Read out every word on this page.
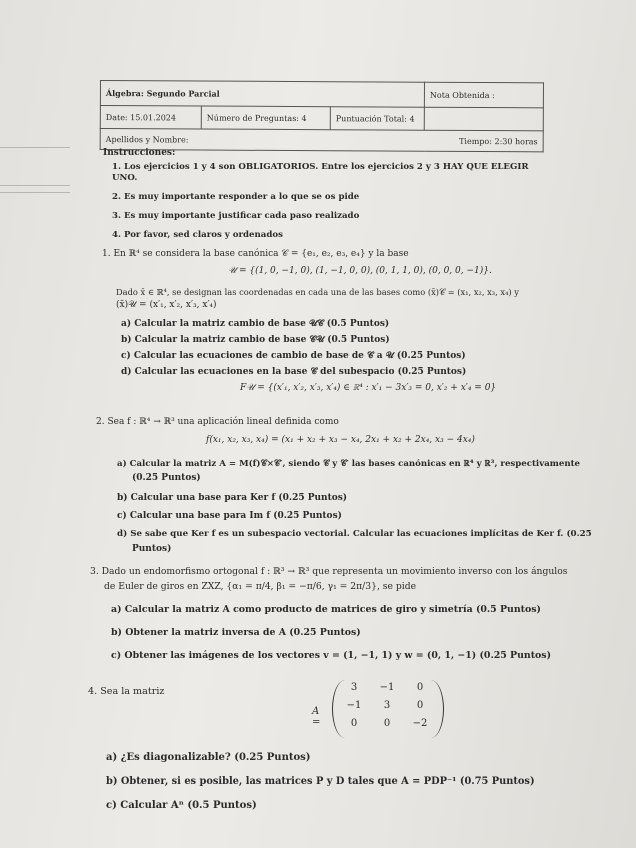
Álgebra: Segundo Parcial			Nota Obtenida :
Date: 15.01.2024	Número de Preguntas: 4	Puntuación Total: 4	
Apellidos y Nombre:		Tiempo: 2:30 horas	
Instrucciones:
1. Los ejercicios 1 y 4 son OBLIGATORIOS. Entre los ejercicios 2 y 3 HAY QUE ELEGIR UNO.
2. Es muy importante responder a lo que se os pide
3. Es muy importante justificar cada paso realizado
4. Por favor, sed claros y ordenados
1. En ℝ⁴ se considera la base canónica 𝒞 = {e₁, e₂, e₃, e₄} y la base
𝒰 = {(1, 0, −1, 0), (1, −1, 0, 0), (0, 1, 1, 0), (0, 0, 0, −1)}.
Dado x̄ ∈ ℝ⁴, se designan las coordenadas en cada una de las bases como (x̄)𝒞 = (x₁, x₂, x₃, x₄) y
(x̄)𝒰 = (x′₁, x′₂, x′₃, x′₄)
a) Calcular la matriz cambio de base 𝒰𝒞 (0.5 Puntos)
b) Calcular la matriz cambio de base 𝒞𝒰 (0.5 Puntos)
c) Calcular las ecuaciones de cambio de base de 𝒞 a 𝒰 (0.25 Puntos)
d) Calcular las ecuaciones en la base 𝒞 del subespacio (0.25 Puntos)
F𝒰 = {(x′₁, x′₂, x′₃, x′₄) ∈ ℝ⁴ : x′₁ − 3x′₃ = 0, x′₂ + x′₄ = 0}
2. Sea f : ℝ⁴ → ℝ³ una aplicación lineal definida como
f(x₁, x₂, x₃, x₄) = (x₁ + x₂ + x₃ − x₄, 2x₁ + x₂ + 2x₄, x₃ − 4x₄)
a) Calcular la matriz A = M(f)𝒞×𝒞′, siendo 𝒞 y 𝒞′ las bases canónicas en ℝ⁴ y ℝ³, respectivamente
(0.25 Puntos)
b) Calcular una base para Ker f (0.25 Puntos)
c) Calcular una base para Im f (0.25 Puntos)
d) Se sabe que Ker f es un subespacio vectorial. Calcular las ecuaciones implícitas de Ker f. (0.25
Puntos)
3. Dado un endomorfismo ortogonal f : ℝ³ → ℝ³ que representa un movimiento inverso con los ángulos
de Euler de giros en ZXZ, {α₁ = π/4, β₁ = −π/6, γ₁ = 2π/3}, se pide
a) Calcular la matriz A como producto de matrices de giro y simetría (0.5 Puntos)
b) Obtener la matriz inversa de A (0.25 Puntos)
c) Obtener las imágenes de los vectores v = (1, −1, 1) y w = (0, 1, −1) (0.25 Puntos)
4. Sea la matriz
A =
3	−1	0
−1	3	0
0	0	−2
a) ¿Es diagonalizable? (0.25 Puntos)
b) Obtener, si es posible, las matrices P y D tales que A = PDP⁻¹ (0.75 Puntos)
c) Calcular Aⁿ (0.5 Puntos)
